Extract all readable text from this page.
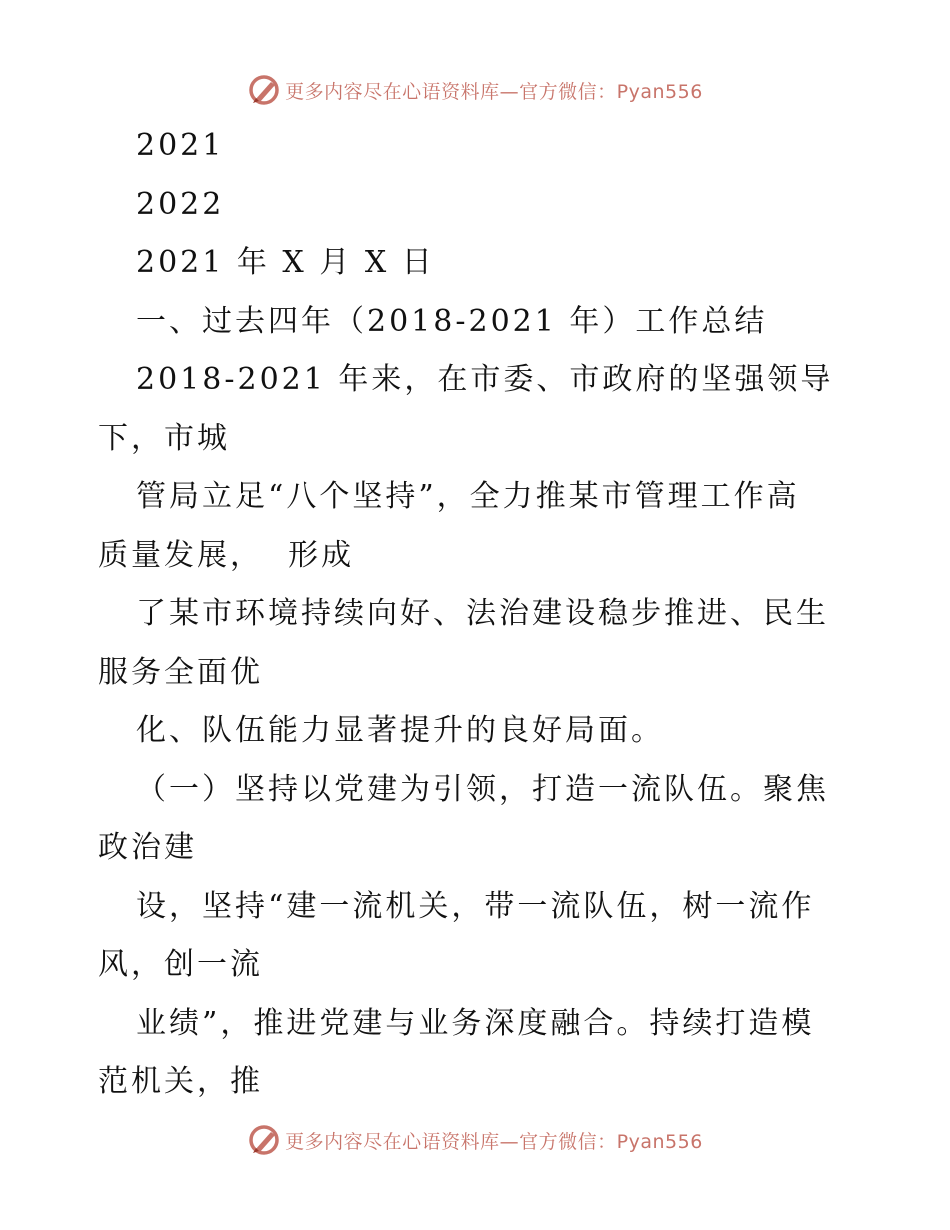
更多内容尽在心语资料库—官方微信：Pyan556

2021

2022

2021 年 X 月 X 日

一、过去四年（2018-2021 年）工作总结

2018-2021 年来，在市委、市政府的坚强领导
下，市城

管局立足“八个坚持”，全力推某市管理工作高
质量发展，  形成

了某市环境持续向好、法治建设稳步推进、民生
服务全面优

化、队伍能力显著提升的良好局面。

（一）坚持以党建为引领，打造一流队伍。聚焦
政治建

设，坚持“建一流机关，带一流队伍，树一流作
风，创一流

业绩”，推进党建与业务深度融合。持续打造模
范机关，推

更多内容尽在心语资料库—官方微信：Pyan556
